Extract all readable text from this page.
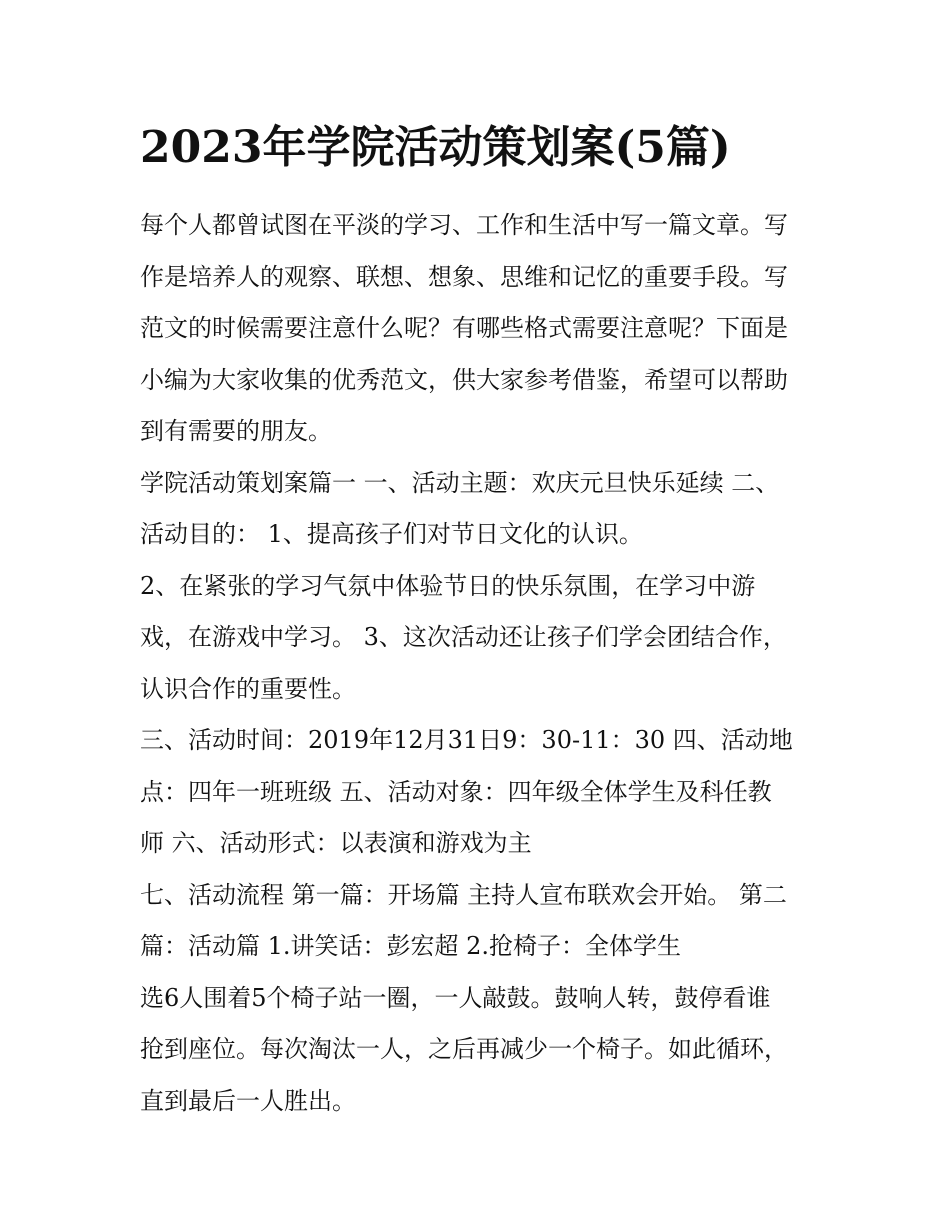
2023年学院活动策划案(5篇)

每个人都曾试图在平淡的学习、工作和生活中写一篇文章。写
作是培养人的观察、联想、想象、思维和记忆的重要手段。写
范文的时候需要注意什么呢？有哪些格式需要注意呢？下面是
小编为大家收集的优秀范文，供大家参考借鉴，希望可以帮助
到有需要的朋友。

学院活动策划案篇一 一、活动主题：欢庆元旦快乐延续 二、
活动目的： 1、提高孩子们对节日文化的认识。

2、在紧张的学习气氛中体验节日的快乐氛围，在学习中游
戏，在游戏中学习。 3、这次活动还让孩子们学会团结合作，
认识合作的重要性。

三、活动时间：2019年12月31日9：30-11：30 四、活动地
点：四年一班班级 五、活动对象：四年级全体学生及科任教
师 六、活动形式：以表演和游戏为主

七、活动流程 第一篇：开场篇 主持人宣布联欢会开始。 第二
篇：活动篇 1.讲笑话：彭宏超 2.抢椅子：全体学生

选6人围着5个椅子站一圈，一人敲鼓。鼓响人转，鼓停看谁
抢到座位。每次淘汰一人，之后再减少一个椅子。如此循环，
直到最后一人胜出。
